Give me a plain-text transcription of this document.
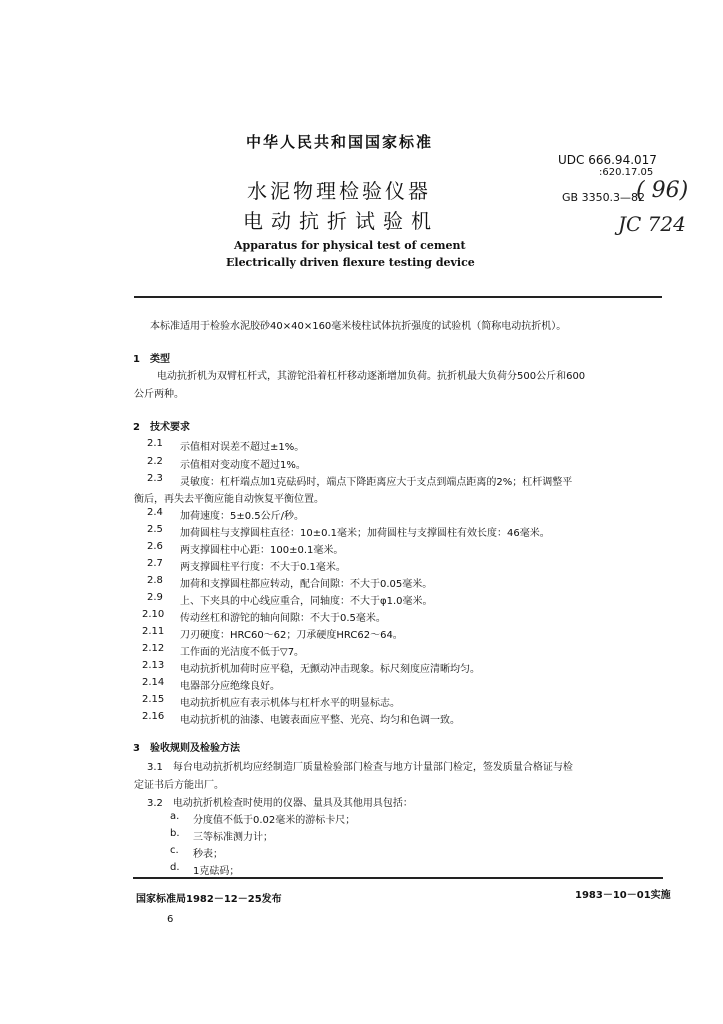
中华人民共和国国家标准
UDC 666.94.017
:620.17.05
GB 3350.3—82
( 96)
JC 724
水泥物理检验仪器
电动抗折试验机
Apparatus for physical test of cement
Electrically driven flexure testing device
本标准适用于检验水泥胶砂40×40×160毫米棱柱试体抗折强度的试验机（简称电动抗折机）。
1　类型
电动抗折机为双臂杠杆式，其游铊沿着杠杆移动逐渐增加负荷。抗折机最大负荷分500公斤和600
公斤两种。
2　技术要求
2.1 示值相对误差不超过±1%。
2.2 示值相对变动度不超过1%。
2.3 灵敏度：杠杆端点加1克砝码时，端点下降距离应大于支点到端点距离的2%；杠杆调整平
衡后，再失去平衡应能自动恢复平衡位置。
2.4 加荷速度：5±0.5公斤/秒。
2.5 加荷圆柱与支撑圆柱直径：10±0.1毫米；加荷圆柱与支撑圆柱有效长度：46毫米。
2.6 两支撑圆柱中心距：100±0.1毫米。
2.7 两支撑圆柱平行度：不大于0.1毫米。
2.8 加荷和支撑圆柱都应转动，配合间隙：不大于0.05毫米。
2.9 上、下夹具的中心线应重合，同轴度：不大于φ1.0毫米。
2.10 传动丝杠和游铊的轴向间隙：不大于0.5毫米。
2.11 刀刃硬度：HRC60～62；刀承硬度HRC62～64。
2.12 工作面的光洁度不低于▽7。
2.13 电动抗折机加荷时应平稳，无颤动冲击现象。标尺刻度应清晰均匀。
2.14 电器部分应绝缘良好。
2.15 电动抗折机应有表示机体与杠杆水平的明显标志。
2.16 电动抗折机的油漆、电镀表面应平整、光亮、均匀和色调一致。
3　验收规则及检验方法
3.1　每台电动抗折机均应经制造厂质量检验部门检查与地方计量部门检定，签发质量合格证与检
定证书后方能出厂。
3.2　电动抗折机检查时使用的仪器、量具及其他用具包括：
a. 分度值不低于0.02毫米的游标卡尺；
b. 三等标准测力计；
c. 秒表；
d. 1克砝码；
国家标准局1982－12－25发布	1983－10－01实施
6
